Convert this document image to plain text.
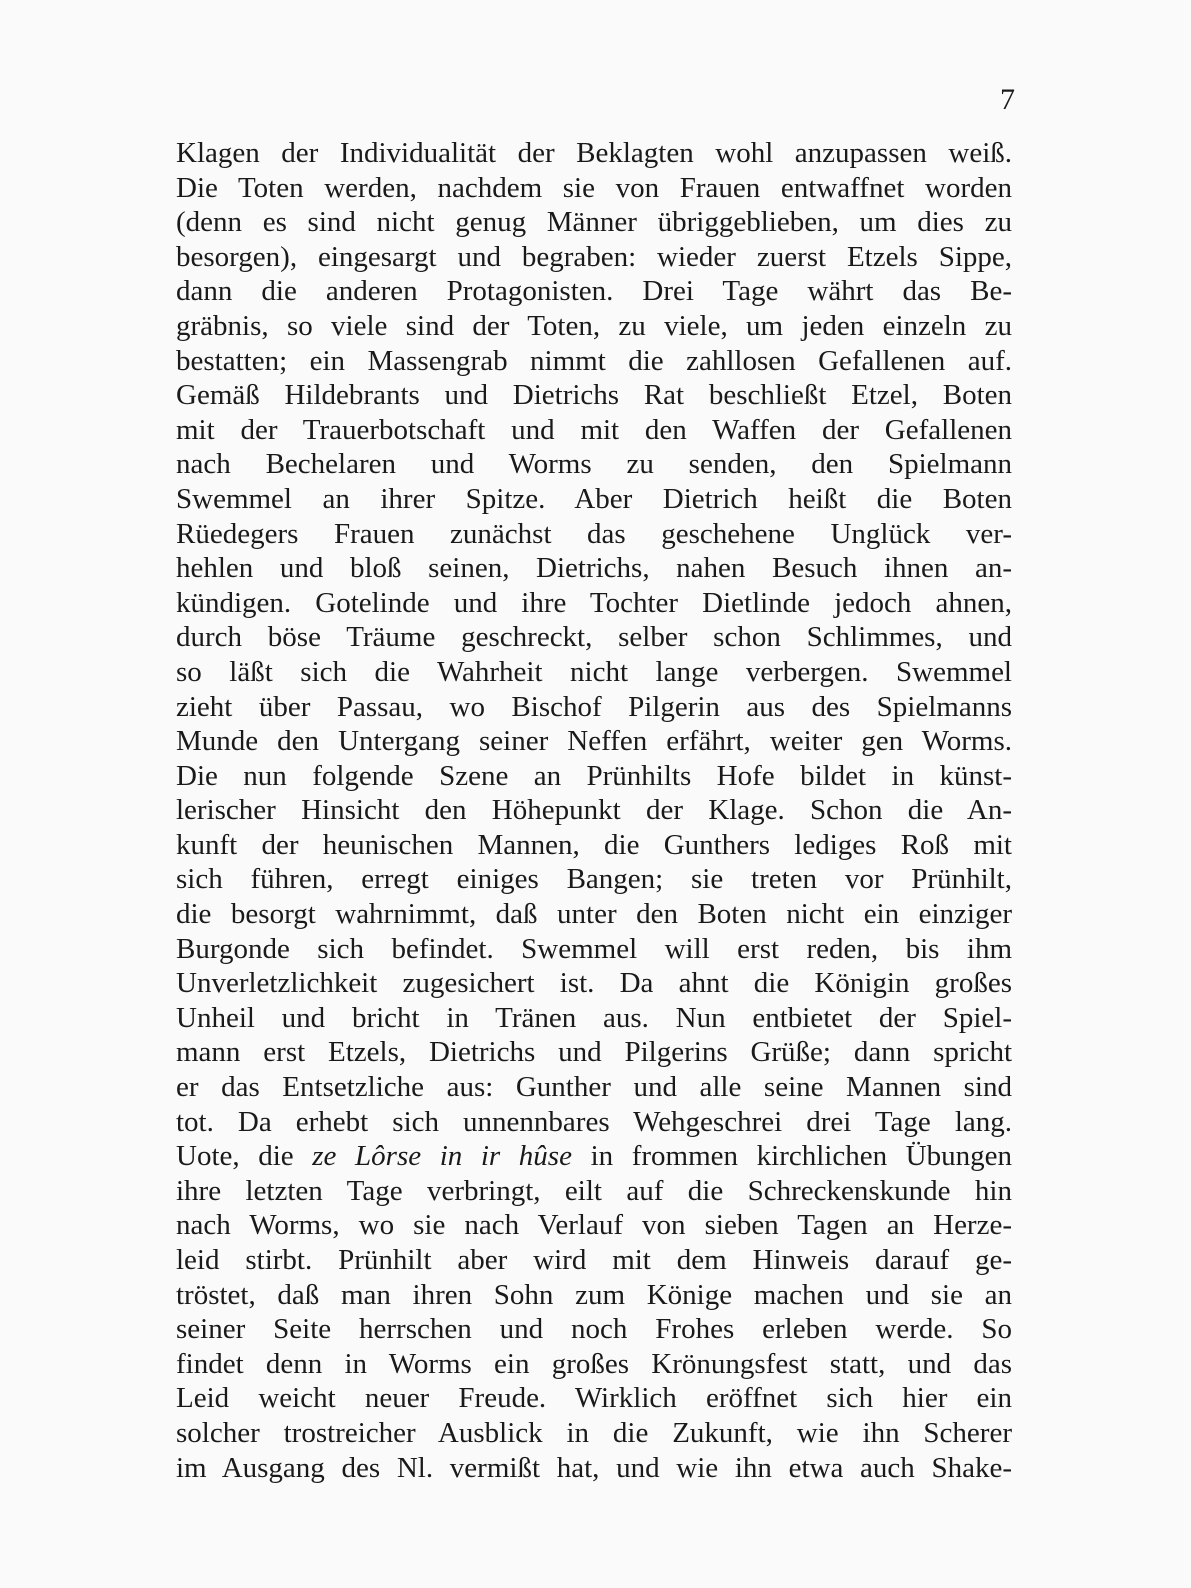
7
Klagen der Individualität der Beklagten wohl anzupassen weiß.
Die Toten werden, nachdem sie von Frauen entwaffnet worden
(denn es sind nicht genug Männer übriggeblieben, um dies zu
besorgen), eingesargt und begraben: wieder zuerst Etzels Sippe,
dann die anderen Protagonisten. Drei Tage währt das Be-
gräbnis, so viele sind der Toten, zu viele, um jeden einzeln zu
bestatten; ein Massengrab nimmt die zahllosen Gefallenen auf.
Gemäß Hildebrants und Dietrichs Rat beschließt Etzel, Boten
mit der Trauerbotschaft und mit den Waffen der Gefallenen
nach Bechelaren und Worms zu senden, den Spielmann
Swemmel an ihrer Spitze. Aber Dietrich heißt die Boten
Rüedegers Frauen zunächst das geschehene Unglück ver-
hehlen und bloß seinen, Dietrichs, nahen Besuch ihnen an-
kündigen. Gotelinde und ihre Tochter Dietlinde jedoch ahnen,
durch böse Träume geschreckt, selber schon Schlimmes, und
so läßt sich die Wahrheit nicht lange verbergen. Swemmel
zieht über Passau, wo Bischof Pilgerin aus des Spielmanns
Munde den Untergang seiner Neffen erfährt, weiter gen Worms.
Die nun folgende Szene an Prünhilts Hofe bildet in künst-
lerischer Hinsicht den Höhepunkt der Klage. Schon die An-
kunft der heunischen Mannen, die Gunthers lediges Roß mit
sich führen, erregt einiges Bangen; sie treten vor Prünhilt,
die besorgt wahrnimmt, daß unter den Boten nicht ein einziger
Burgonde sich befindet. Swemmel will erst reden, bis ihm
Unverletzlichkeit zugesichert ist. Da ahnt die Königin großes
Unheil und bricht in Tränen aus. Nun entbietet der Spiel-
mann erst Etzels, Dietrichs und Pilgerins Grüße; dann spricht
er das Entsetzliche aus: Gunther und alle seine Mannen sind
tot. Da erhebt sich unnennbares Wehgeschrei drei Tage lang.
Uote, die ze Lôrse in ir hûse in frommen kirchlichen Übungen
ihre letzten Tage verbringt, eilt auf die Schreckenskunde hin
nach Worms, wo sie nach Verlauf von sieben Tagen an Herze-
leid stirbt. Prünhilt aber wird mit dem Hinweis darauf ge-
tröstet, daß man ihren Sohn zum Könige machen und sie an
seiner Seite herrschen und noch Frohes erleben werde. So
findet denn in Worms ein großes Krönungsfest statt, und das
Leid weicht neuer Freude. Wirklich eröffnet sich hier ein
solcher trostreicher Ausblick in die Zukunft, wie ihn Scherer
im Ausgang des Nl. vermißt hat, und wie ihn etwa auch Shake-
